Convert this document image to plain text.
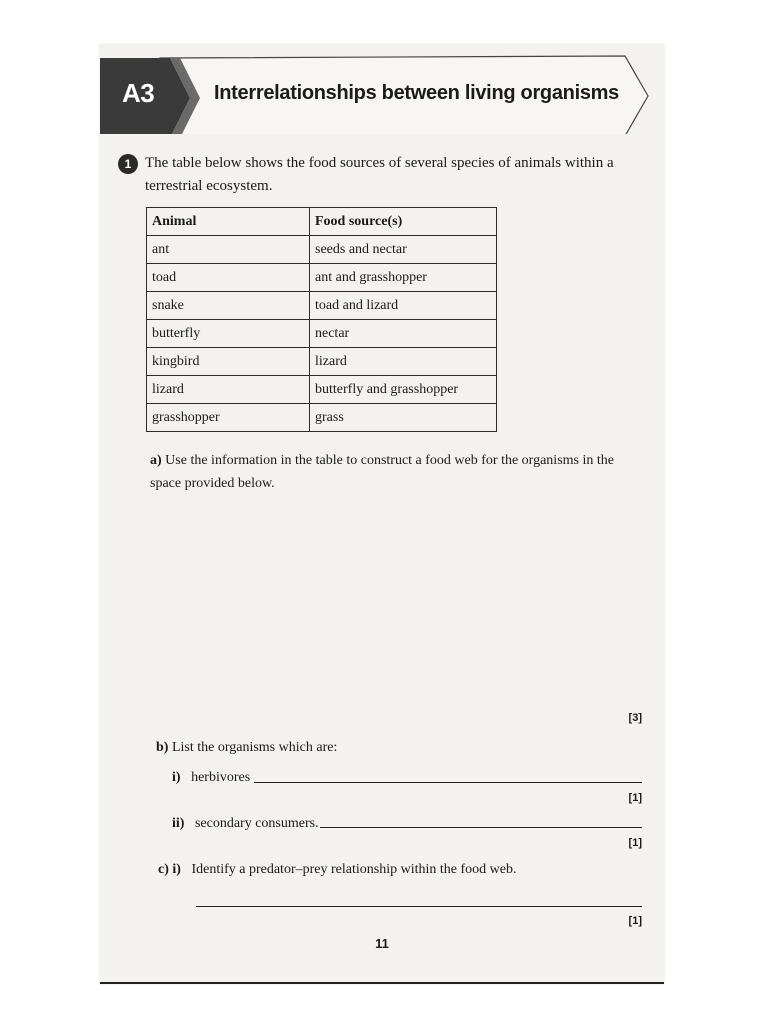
A3	Interrelationships between living organisms
1 The table below shows the food sources of several species of animals within a terrestrial ecosystem.
Animal	Food source(s)
ant	seeds and nectar
toad	ant and grasshopper
snake	toad and lizard
butterfly	nectar
kingbird	lizard
lizard	butterfly and grasshopper
grasshopper	grass
a) Use the information in the table to construct a food web for the organisms in the space provided below.
[3]
b) List the organisms which are:
i) herbivores
[1]
ii) secondary consumers.
[1]
c) i) Identify a predator–prey relationship within the food web.
[1]
11
